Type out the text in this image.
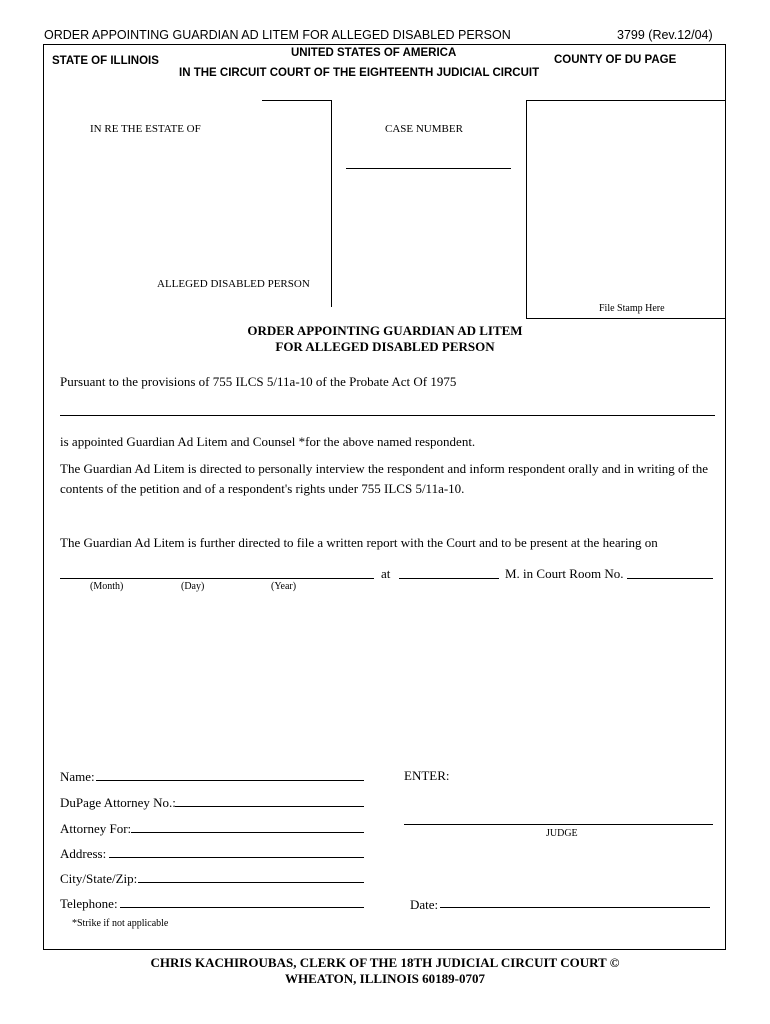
ORDER APPOINTING GUARDIAN AD LITEM FOR ALLEGED DISABLED PERSON	3799 (Rev.12/04)
UNITED STATES OF AMERICA
STATE OF ILLINOIS	COUNTY OF DU PAGE
IN THE CIRCUIT COURT OF THE EIGHTEENTH JUDICIAL CIRCUIT
IN RE THE ESTATE OF
ALLEGED DISABLED PERSON
CASE NUMBER
File Stamp Here
ORDER APPOINTING GUARDIAN AD LITEM
FOR ALLEGED DISABLED PERSON
Pursuant to the provisions of 755 ILCS 5/11a-10 of the Probate Act Of 1975
is appointed Guardian Ad Litem and Counsel *for the above named respondent.
The Guardian Ad Litem is directed to personally interview the respondent and inform respondent orally and in writing of the
contents of the petition and of a respondent's rights under 755 ILCS 5/11a-10.
The Guardian Ad Litem is further directed to file a written report with the Court and to be present at the hearing on
at	M. in Court Room No.
(Month)	(Day)	(Year)
Name:
DuPage Attorney No.:
Attorney For:
Address:
City/State/Zip:
Telephone:
*Strike if not applicable
ENTER:
JUDGE
Date:
CHRIS KACHIROUBAS, CLERK OF THE 18TH JUDICIAL CIRCUIT COURT ©
WHEATON, ILLINOIS 60189-0707
